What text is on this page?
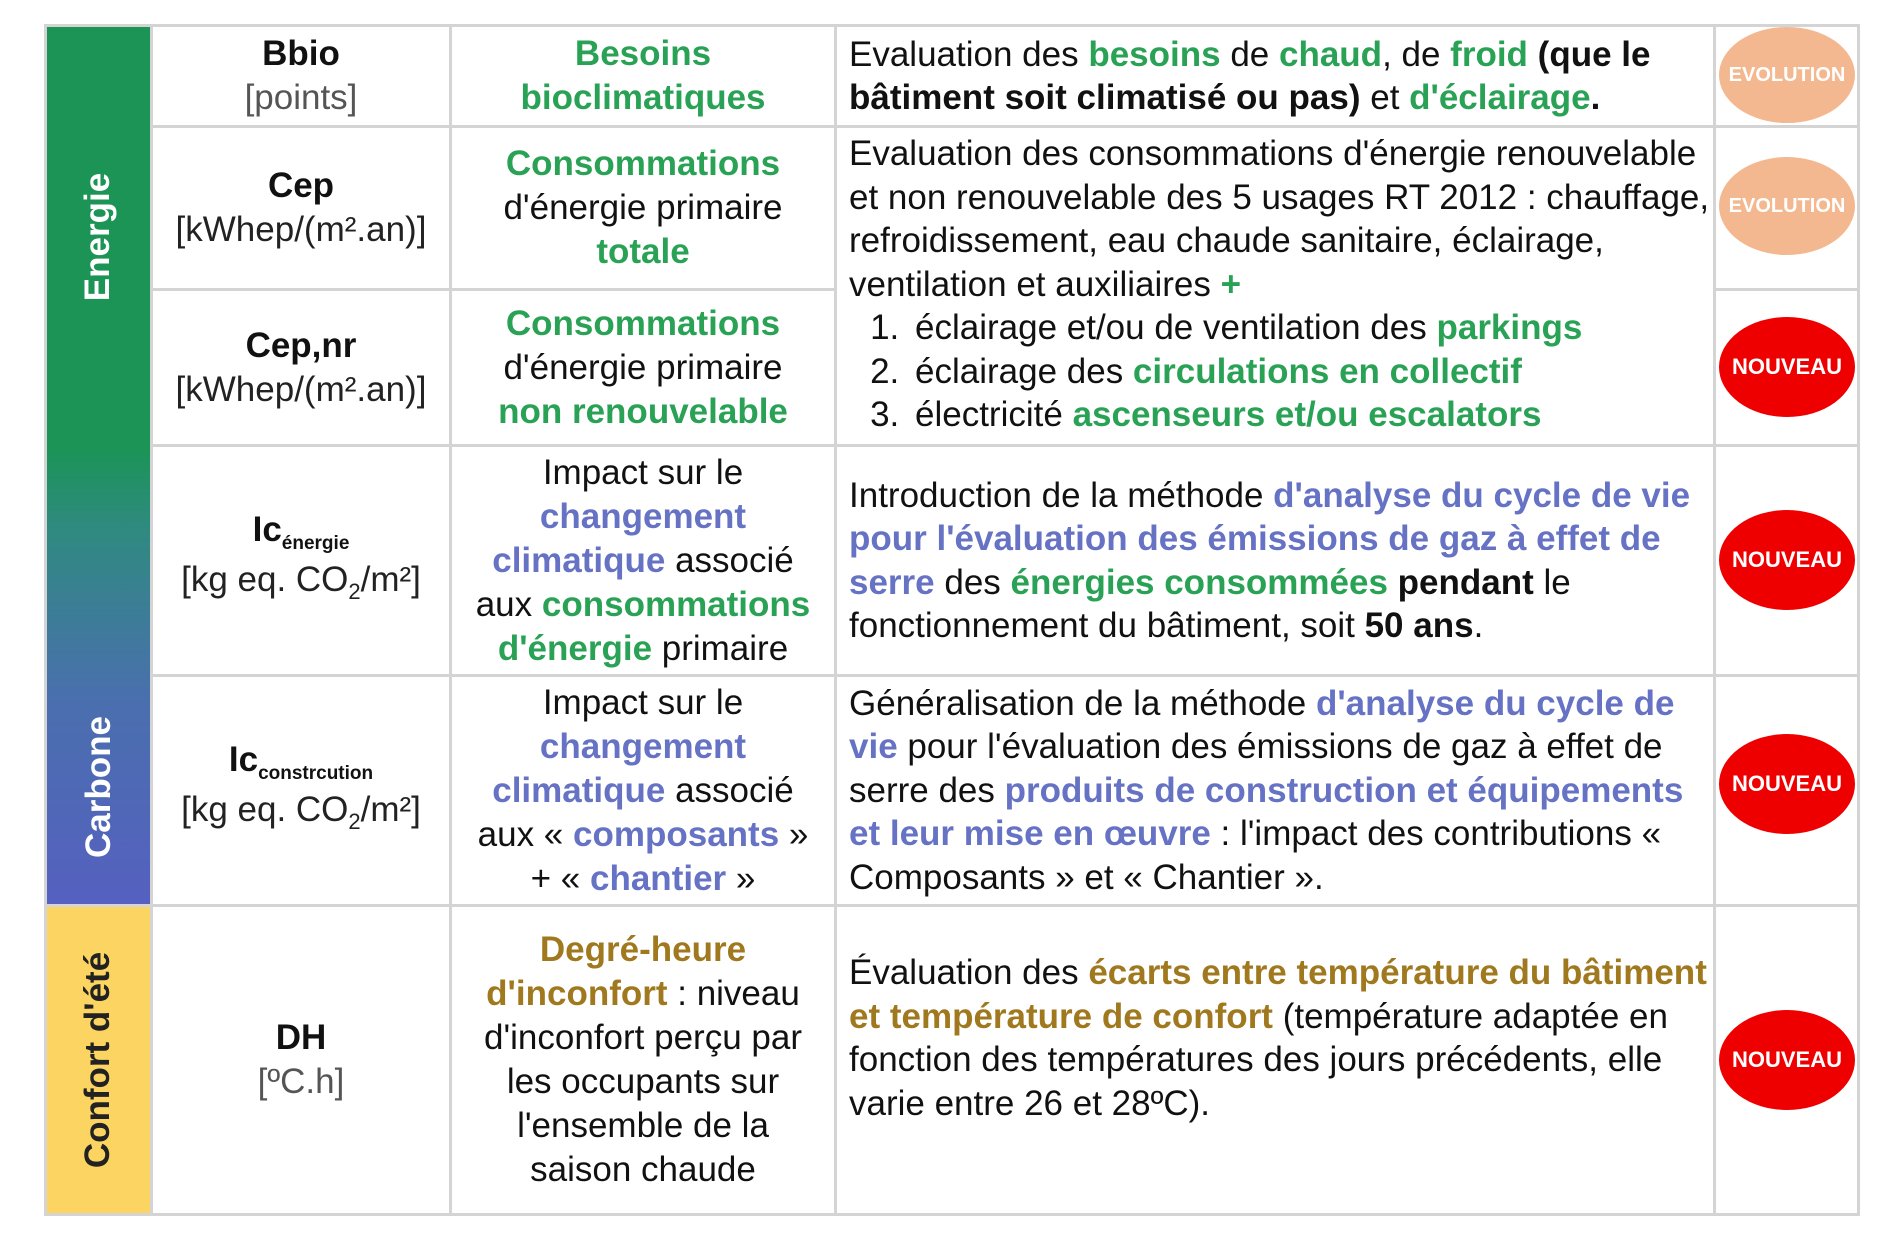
Energie
Carbone
Confort d'été
Bbio
[points]
Besoins
bioclimatiques
Evaluation des besoins de chaud, de froid (que le bâtiment soit climatisé ou pas) et d'éclairage.
EVOLUTION
Cep
[kWhep/(m².an)]
Consommations
d'énergie primaire
totale
EVOLUTION
Cep,nr
[kWhep/(m².an)]
Consommations
d'énergie primaire
non renouvelable
NOUVEAU
Evaluation des consommations d'énergie renouvelable et non renouvelable des 5 usages RT 2012 : chauffage, refroidissement, eau chaude sanitaire, éclairage, ventilation et auxiliaires +
1. éclairage et/ou de ventilation des parkings
2. éclairage des circulations en collectif
3. électricité ascenseurs et/ou escalators
$Ic_{énergie}$
[kg eq. $CO_2/m^2$]
Impact sur le
changement
climatique associé
aux consommations
d'énergie primaire
Introduction de la méthode d'analyse du cycle de vie pour l'évaluation des émissions de gaz à effet de serre des énergies consommées pendant le fonctionnement du bâtiment, soit 50 ans.
NOUVEAU
$Ic_{constrcution}$
[kg eq. $CO_2/m^2$]
Impact sur le
changement
climatique associé
aux « composants »
+ « chantier »
Généralisation de la méthode d'analyse du cycle de vie pour l'évaluation des émissions de gaz à effet de serre des produits de construction et équipements et leur mise en œuvre : l'impact des contributions « Composants » et « Chantier ».
NOUVEAU
DH
[ºC.h]
Degré-heure d'inconfort : niveau d'inconfort perçu par les occupants sur l'ensemble de la saison chaude
Évaluation des écarts entre température du bâtiment et température de confort (température adaptée en fonction des températures des jours précédents, elle varie entre 26 et 28ºC).
NOUVEAU
